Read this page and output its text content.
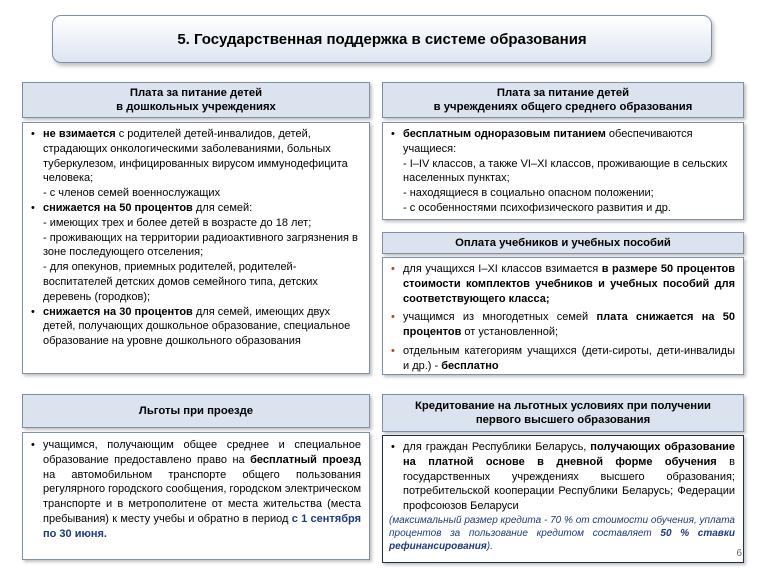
5. Государственная поддержка в системе образования
Плата за питание детей
в дошкольных учреждениях
• не взимается с родителей детей-инвалидов, детей, страдающих онкологическими заболеваниями, больных туберкулезом, инфицированных вирусом иммунодефицита человека;
- с членов семей военнослужащих
• снижается на 50 процентов для семей:
- имеющих трех и более детей в возрасте до 18 лет;
- проживающих на территории радиоактивного загрязнения в зоне последующего отселения;
- для опекунов, приемных родителей, родителей-воспитателей детских домов семейного типа, детских деревень (городков);
• снижается на 30 процентов для семей, имеющих двух детей, получающих дошкольное образование, специальное образование на уровне дошкольного образования
Плата за питание детей
в учреждениях общего среднего образования
• бесплатным одноразовым питанием обеспечиваются учащиеся:
- I–IV классов, а также VI–XI классов, проживающие в сельских населенных пунктах;
- находящиеся в социально опасном положении;
- с особенностями психофизического развития и др.
Оплата учебников и учебных пособий
• для учащихся I–XI классов взимается в размере 50 процентов стоимости комплектов учебников и учебных пособий для соответствующего класса;
• учащимся из многодетных семей плата снижается на 50 процентов от установленной;
• отдельным категориям учащихся (дети-сироты, дети-инвалиды и др.) - бесплатно
Льготы при проезде
• учащимся, получающим общее среднее и специальное образование предоставлено право на бесплатный проезд на автомобильном транспорте общего пользования регулярного городского сообщения, городском электрическом транспорте и в метрополитене от места жительства (места пребывания) к месту учебы и обратно в период с 1 сентября по 30 июня.
Кредитование на льготных условиях при получении
первого высшего образования
• для граждан Республики Беларусь, получающих образование на платной основе в дневной форме обучения в государственных учреждениях высшего образования; потребительской кооперации Республики Беларусь; Федерации профсоюзов Беларуси
(максимальный размер кредита - 70 % от стоимости обучения, уплата процентов за пользование кредитом составляет 50 % ставки рефинансирования).
6
